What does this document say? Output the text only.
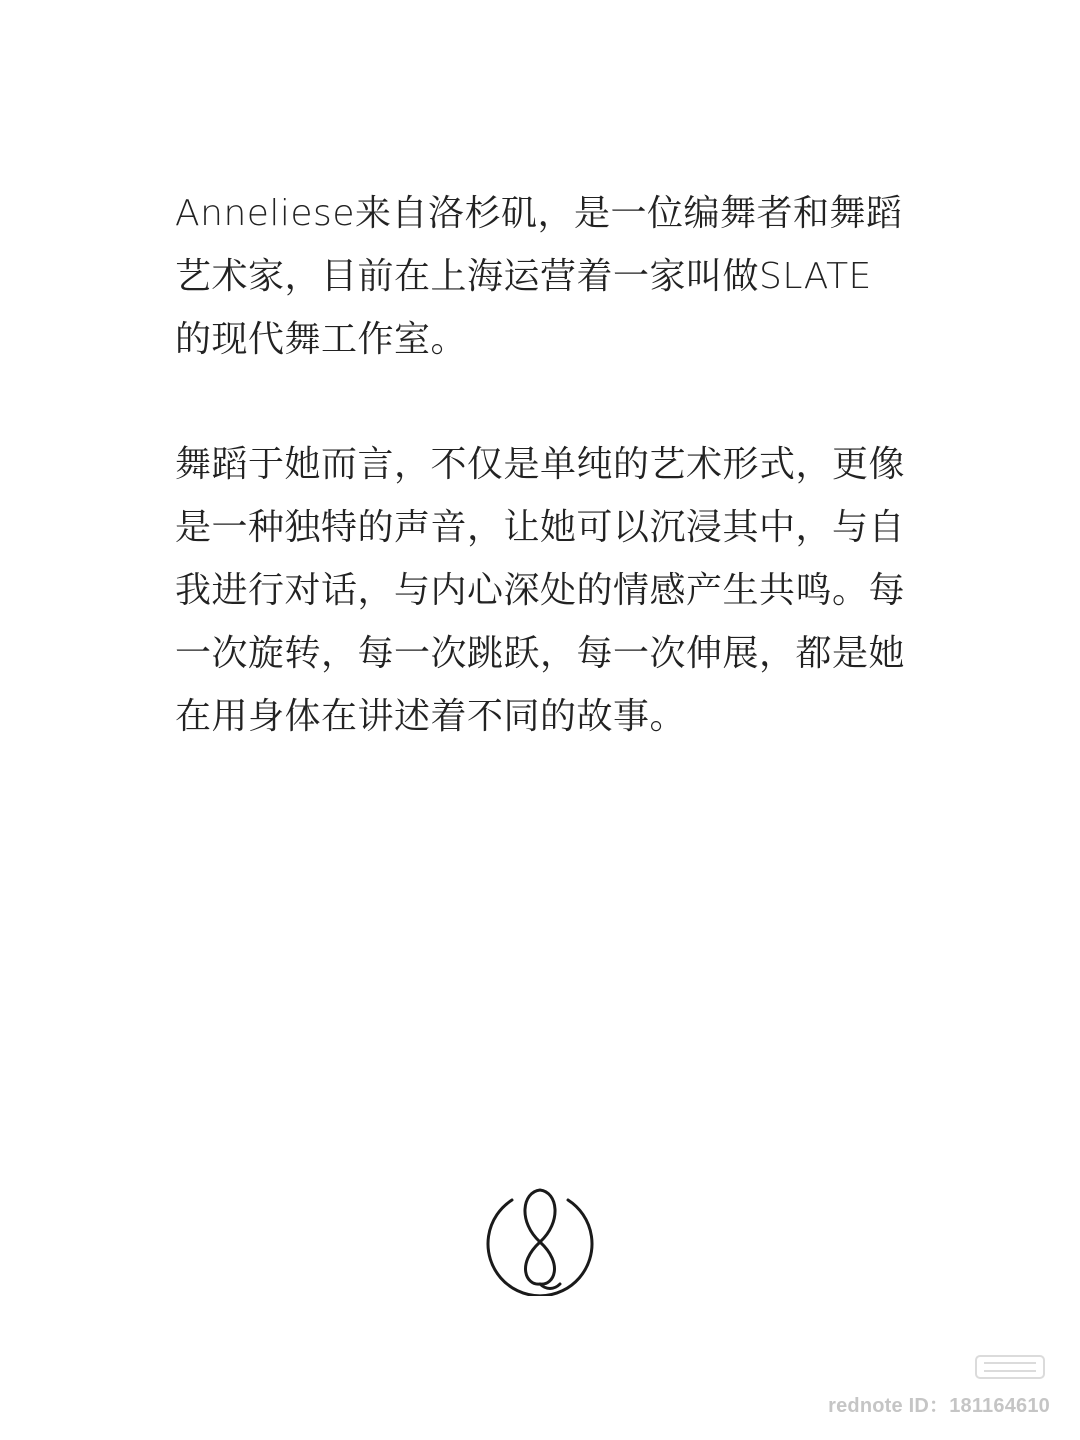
Anneliese来自洛杉矶，是一位编舞者和舞蹈艺术家，目前在上海运营着一家叫做SLATE的现代舞工作室。

舞蹈于她而言，不仅是单纯的艺术形式，更像是一种独特的声音，让她可以沉浸其中，与自我进行对话，与内心深处的情感产生共鸣。每一次旋转，每一次跳跃，每一次伸展，都是她在用身体在讲述着不同的故事。

rednote ID：181164610
